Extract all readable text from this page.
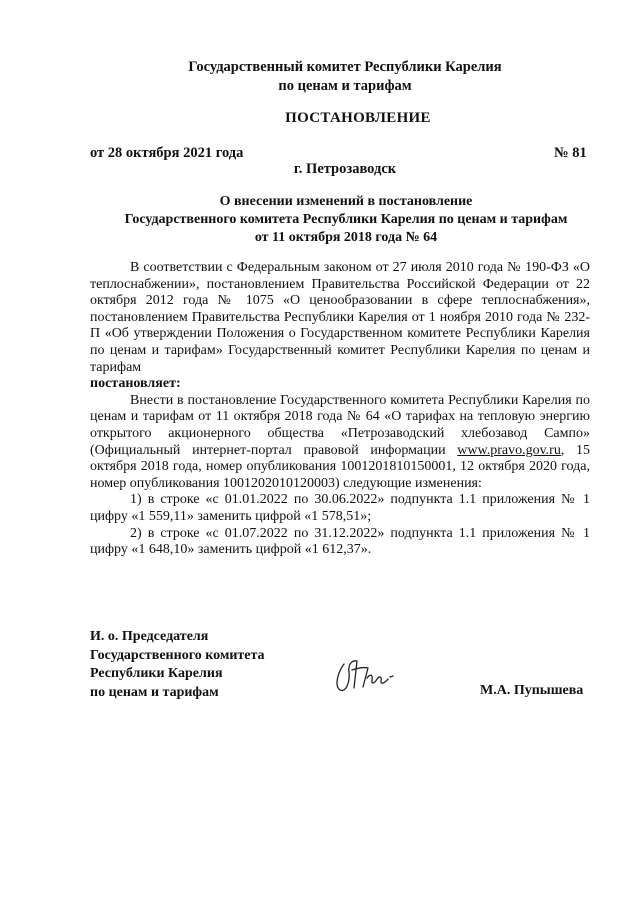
Государственный комитет Республики Карелия
по ценам и тарифам
ПОСТАНОВЛЕНИЕ
от 28 октября 2021 года	№ 81
г. Петрозаводск
О внесении изменений в постановление
Государственного комитета Республики Карелия по ценам и тарифам
от 11 октября 2018 года № 64

В соответствии с Федеральным законом от 27 июля 2010 года № 190-ФЗ «О теплоснабжении», постановлением Правительства Российской Федерации от 22 октября 2012 года № 1075 «О ценообразовании в сфере теплоснабжения», постановлением Правительства Республики Карелия от 1 ноября 2010 года № 232-П «Об утверждении Положения о Государственном комитете Республики Карелия по ценам и тарифам» Государственный комитет Республики Карелия по ценам и тарифам

постановляет:

Внести в постановление Государственного комитета Республики Карелия по ценам и тарифам от 11 октября 2018 года № 64 «О тарифах на тепловую энергию открытого акционерного общества «Петрозаводский хлебозавод Сампо» (Официальный интернет-портал правовой информации www.pravo.gov.ru, 15 октября 2018 года, номер опубликования 1001201810150001, 12 октября 2020 года, номер опубликования 1001202010120003) следующие изменения:

1) в строке «с 01.01.2022 по 30.06.2022» подпункта 1.1 приложения № 1 цифру «1 559,11» заменить цифрой «1 578,51»;

2) в строке «с 01.07.2022 по 31.12.2022» подпункта 1.1 приложения № 1 цифру «1 648,10» заменить цифрой «1 612,37».

И. о. Председателя
Государственного комитета
Республики Карелия
по ценам и тарифам	М.А. Пупышева
